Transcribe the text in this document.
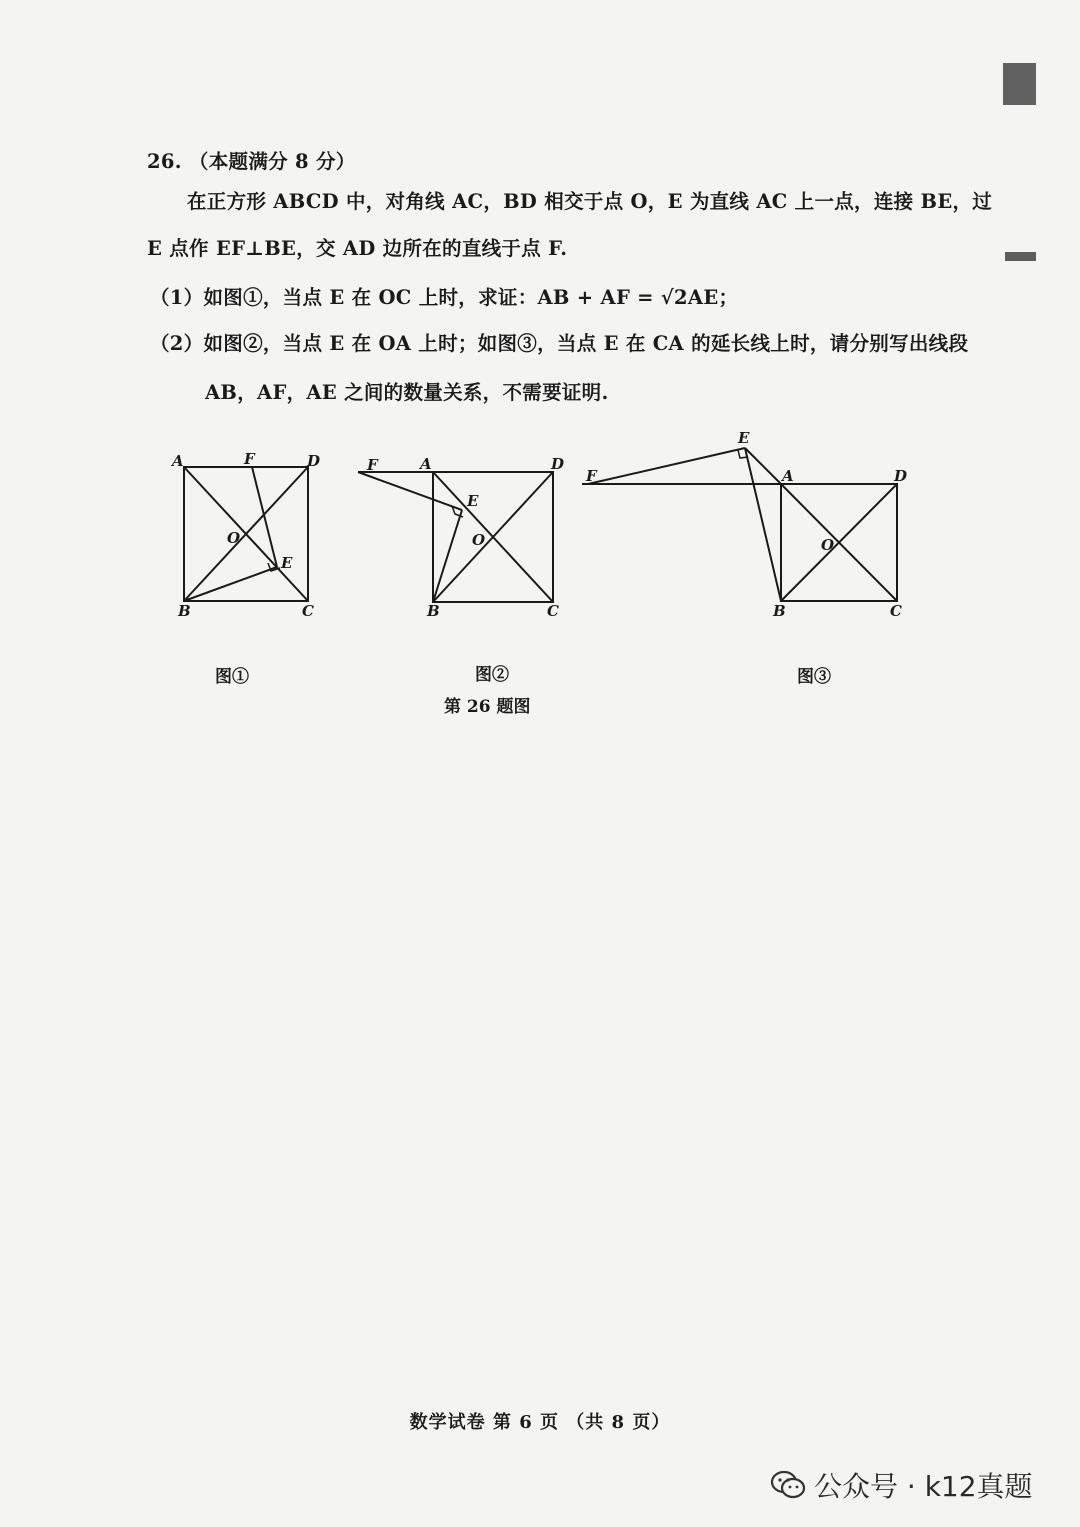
26. （本题满分 8 分）
在正方形 ABCD 中，对角线 AC，BD 相交于点 O，E 为直线 AC 上一点，连接 BE，过
E 点作 EF⊥BE，交 AD 边所在的直线于点 F.
（1）如图①，当点 E 在 OC 上时，求证：AB + AF = √2AE；
（2）如图②，当点 E 在 OA 上时；如图③，当点 E 在 CA 的延长线上时，请分别写出线段
AB，AF，AE 之间的数量关系，不需要证明.
A	F	D
O
E
B	C
F	A	D
E
O
B	C
E
F	A	D
O
B	C
图①	图②	图③
第 26 题图
数学试卷 第 6 页 （共 8 页）
公众号 · k12真题
